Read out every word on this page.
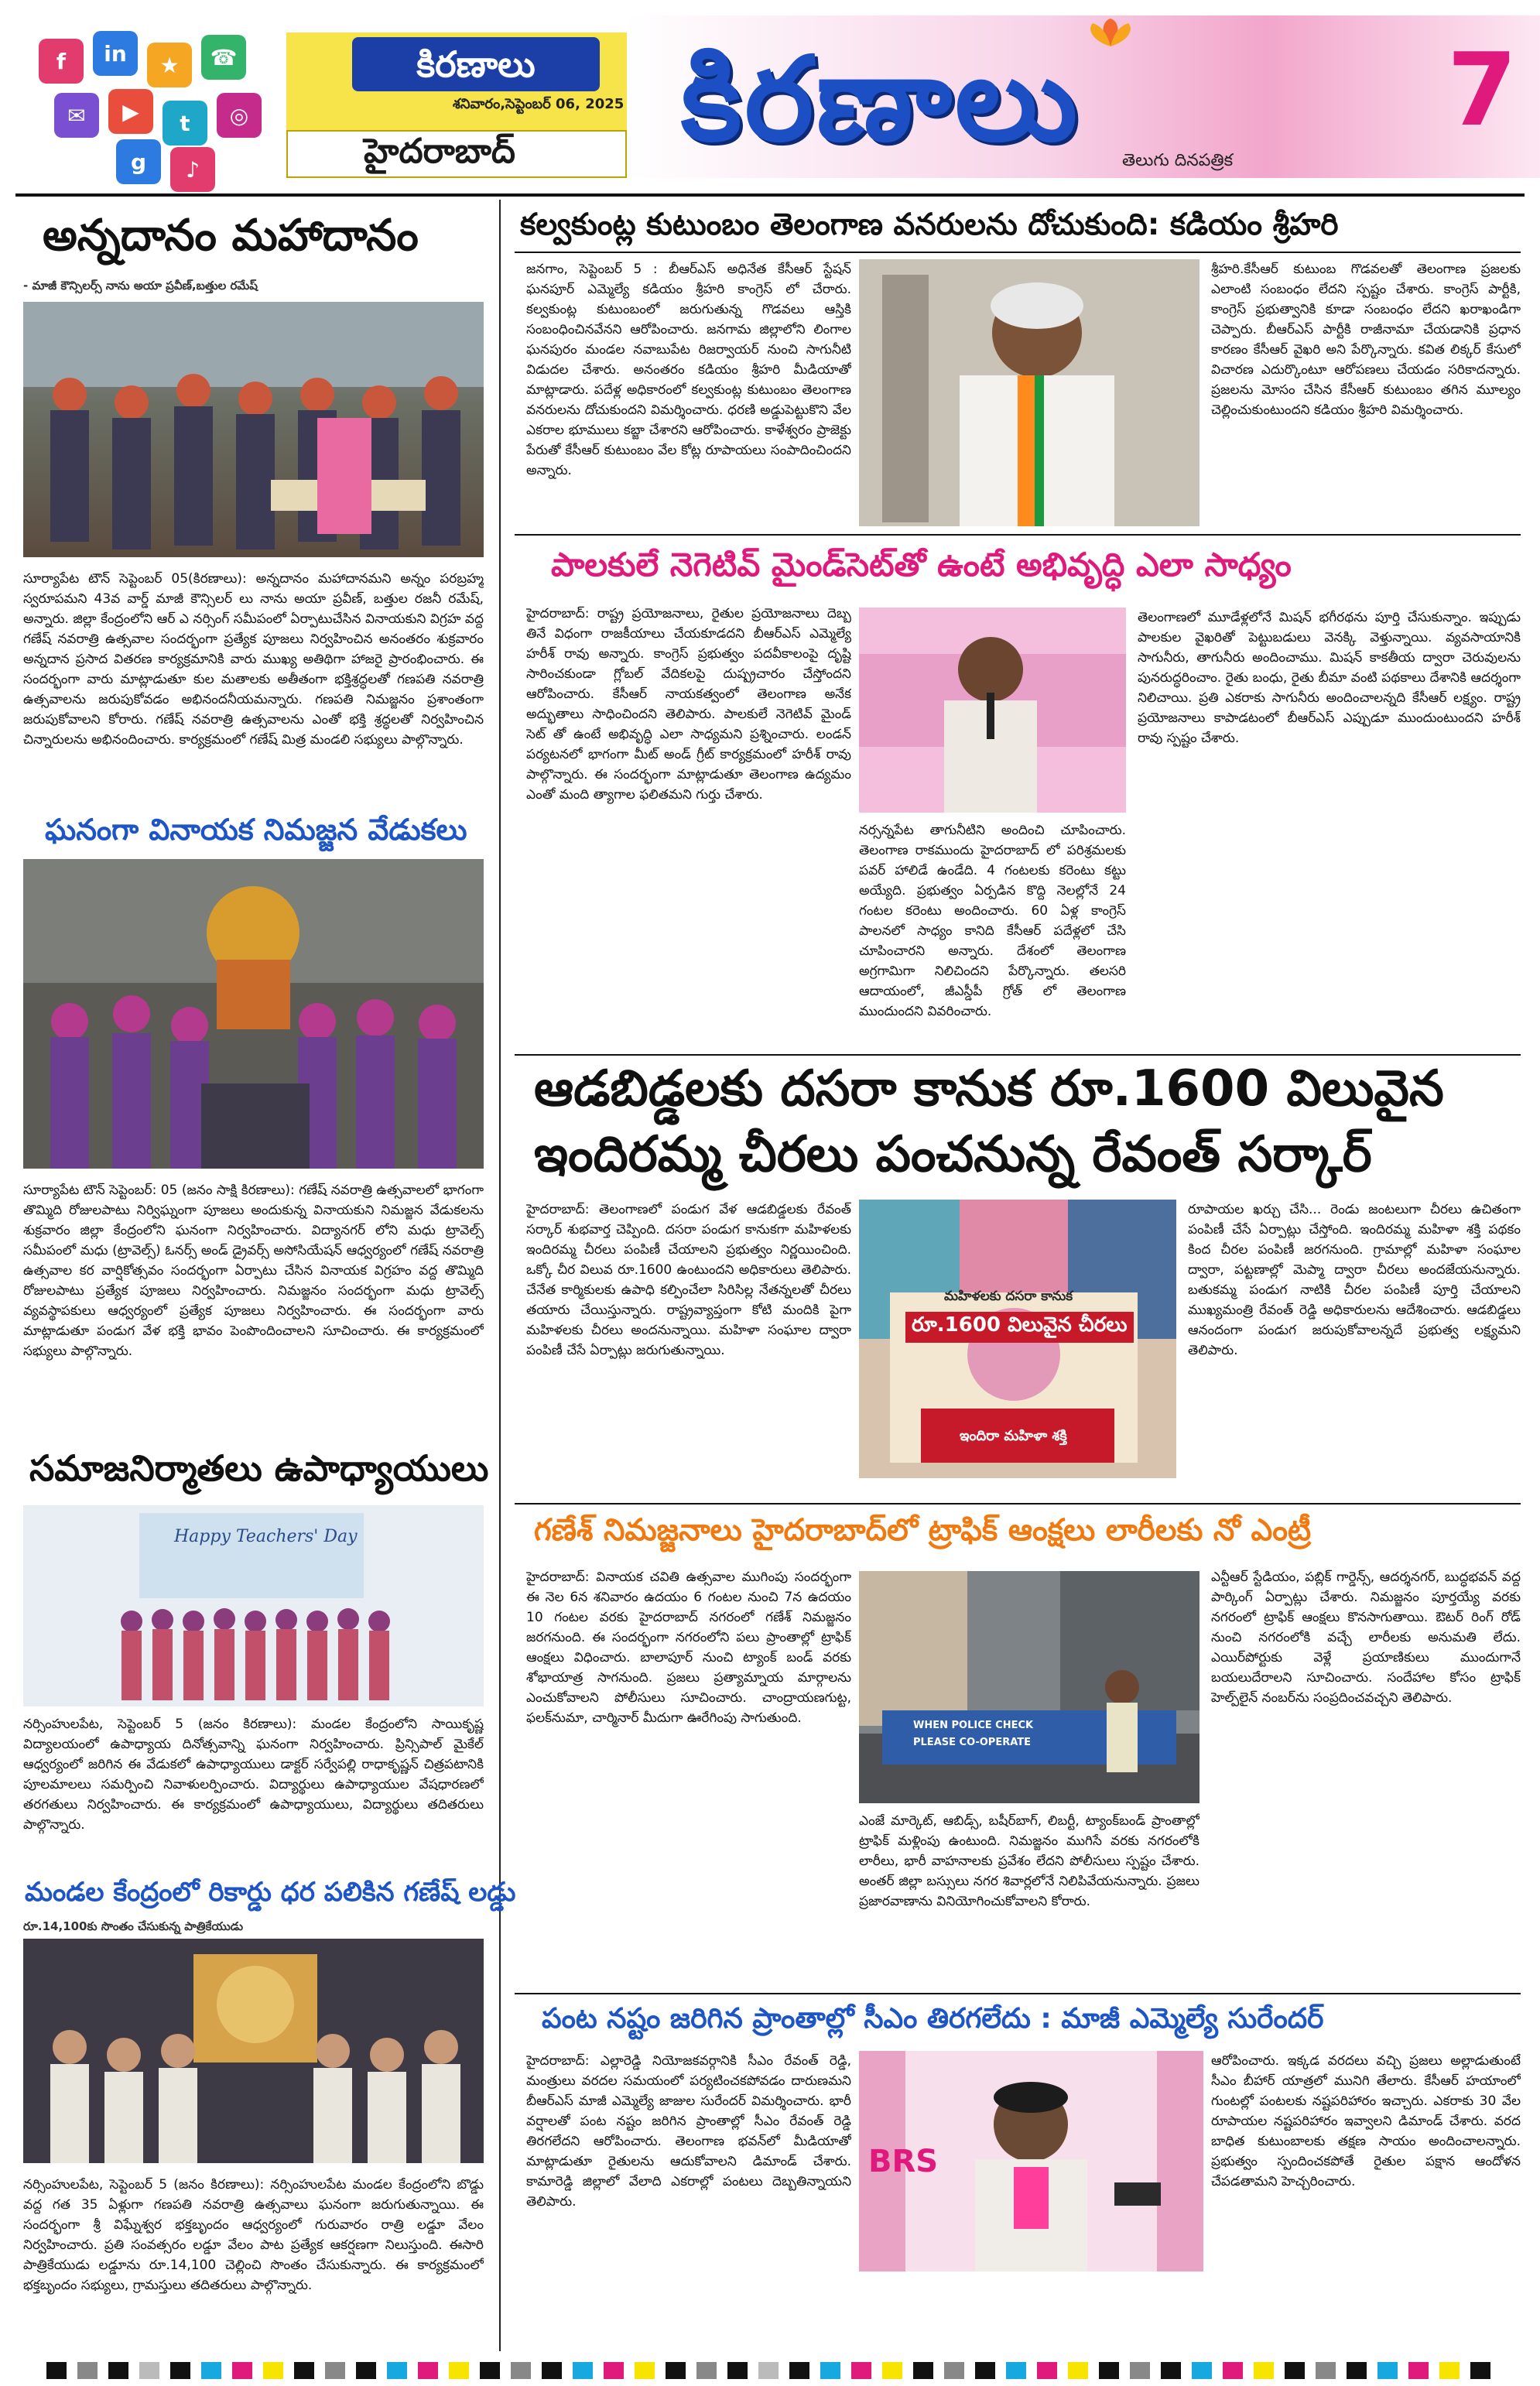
f	in	★	☎
✉	▶	t	◎
g	♪
కిరణాలు
శనివారం,సెప్టెంబర్ 06, 2025
హైదరాబాద్ కిరణాలు తెలుగు దినపత్రిక
7
అన్నదానం మహాదానం
- మాజీ కౌన్సిలర్స్ నాను అయా ప్రవీణ్,బత్తుల రమేష్
సూర్యాపేట టౌన్ సెప్టెంబర్ 05(కిరణాలు): అన్నదానం మహాదానమని అన్నం పరబ్రహ్మ స్వరూపమని 43వ వార్డ్ మాజీ కౌన్సిలర్ లు నాను అయా ప్రవీణ్, బత్తుల రజనీ రమేష్, అన్నారు. జిల్లా కేంద్రంలోని ఆర్ ఎ నర్సింగ్ సమీపంలో ఏర్పాటుచేసిన వినాయకుని విగ్రహ వద్ద గణేష్ నవరాత్రి ఉత్సవాల సందర్భంగా ప్రత్యేక పూజలు నిర్వహించిన అనంతరం శుక్రవారం అన్నదాన ప్రసాద వితరణ కార్యక్రమానికి వారు ముఖ్య అతిథిగా హాజరై ప్రారంభించారు. ఈ సందర్భంగా వారు మాట్లాడుతూ కుల మతాలకు అతీతంగా భక్తిశ్రద్ధలతో గణపతి నవరాత్రి ఉత్సవాలను జరుపుకోవడం అభినందనీయమన్నారు. గణపతి నిమజ్జనం ప్రశాంతంగా జరుపుకోవాలని కోరారు. గణేష్ నవరాత్రి ఉత్సవాలను ఎంతో భక్తి శ్రద్ధలతో నిర్వహించిన చిన్నారులను అభినందించారు. కార్యక్రమంలో గణేష్ మిత్ర మండలి సభ్యులు పాల్గొన్నారు.
ఘనంగా వినాయక నిమజ్జన వేడుకలు
సూర్యాపేట టౌన్ సెప్టెంబర్: 05 (జనం సాక్షి కిరణాలు): గణేష్ నవరాత్రి ఉత్సవాలలో భాగంగా తొమ్మిది రోజులపాటు నిర్విఘ్నంగా పూజలు అందుకున్న వినాయకుని నిమజ్జన వేడుకలను శుక్రవారం జిల్లా కేంద్రంలోని ఘనంగా నిర్వహించారు. విద్యానగర్ లోని మధు ట్రావెల్స్ సమీపంలో మధు (ట్రావెల్స్) ఓనర్స్ అండ్ డ్రైవర్స్ అసోసియేషన్ ఆధ్వర్యంలో గణేష్ నవరాత్రి ఉత్సవాల కర వార్షికోత్సవం సందర్భంగా ఏర్పాటు చేసిన వినాయక విగ్రహం వద్ద తొమ్మిది రోజులపాటు ప్రత్యేక పూజలు నిర్వహించారు. నిమజ్జనం సందర్భంగా మధు ట్రావెల్స్ వ్యవస్థాపకులు ఆధ్వర్యంలో ప్రత్యేక పూజలు నిర్వహించారు. ఈ సందర్భంగా వారు మాట్లాడుతూ పండుగ వేళ భక్తి భావం పెంపొందించాలని సూచించారు. ఈ కార్యక్రమంలో సభ్యులు పాల్గొన్నారు.
సమాజనిర్మాతలు ఉపాధ్యాయులు
Happy Teachers' Day
నర్సింహులపేట, సెప్టెంబర్ 5 (జనం కిరణాలు): మండల కేంద్రంలోని సాయికృష్ణ విద్యాలయంలో ఉపాధ్యాయ దినోత్సవాన్ని ఘనంగా నిర్వహించారు. ప్రిన్సిపాల్ మైకేల్ ఆధ్వర్యంలో జరిగిన ఈ వేడుకలో ఉపాధ్యాయులు డాక్టర్ సర్వేపల్లి రాధాకృష్ణన్ చిత్రపటానికి పూలమాలలు సమర్పించి నివాళులర్పించారు. విద్యార్థులు ఉపాధ్యాయుల వేషధారణలో తరగతులు నిర్వహించారు. ఈ కార్యక్రమంలో ఉపాధ్యాయులు, విద్యార్థులు తదితరులు పాల్గొన్నారు.
మండల కేంద్రంలో రికార్డు ధర పలికిన గణేష్ లడ్డు
రూ.14,100కు సొంతం చేసుకున్న పాత్రికేయుడు
నర్సింహులపేట, సెప్టెంబర్ 5 (జనం కిరణాలు): నర్సింహులపేట మండల కేంద్రంలోని బొడ్డు వద్ద గత 35 ఏళ్లుగా గణపతి నవరాత్రి ఉత్సవాలు ఘనంగా జరుగుతున్నాయి. ఈ సందర్భంగా శ్రీ విఘ్నేశ్వర భక్తబృందం ఆధ్వర్యంలో గురువారం రాత్రి లడ్డూ వేలం నిర్వహించారు. ప్రతి సంవత్సరం లడ్డూ వేలం పాట ప్రత్యేక ఆకర్షణగా నిలుస్తుంది. ఈసారి పాత్రికేయుడు లడ్డూను రూ.14,100 చెల్లించి సొంతం చేసుకున్నారు. ఈ కార్యక్రమంలో భక్తబృందం సభ్యులు, గ్రామస్తులు తదితరులు పాల్గొన్నారు.
కల్వకుంట్ల కుటుంబం తెలంగాణ వనరులను దోచుకుంది: కడియం శ్రీహరి
జనగాం, సెప్టెంబర్ 5 : బీఆర్ఎస్ అధినేత కేసీఆర్ స్టేషన్ ఘనపూర్ ఎమ్మెల్యే కడియం శ్రీహరి కాంగ్రెస్ లో చేరారు. కల్వకుంట్ల కుటుంబంలో జరుగుతున్న గొడవలు ఆస్తికి సంబంధించినవేనని ఆరోపించారు. జనగామ జిల్లాలోని లింగాల ఘనపురం మండల నవాబుపేట రిజర్వాయర్ నుంచి సాగునీటి విడుదల చేశారు. అనంతరం కడియం శ్రీహరి మీడియాతో మాట్లాడారు. పదేళ్ల అధికారంలో కల్వకుంట్ల కుటుంబం తెలంగాణ వనరులను దోచుకుందని విమర్శించారు. ధరణి అడ్డుపెట్టుకొని వేల ఎకరాల భూములు కబ్జా చేశారని ఆరోపించారు. కాళేశ్వరం ప్రాజెక్టు పేరుతో కేసీఆర్ కుటుంబం వేల కోట్ల రూపాయలు సంపాదించిందని అన్నారు.
శ్రీహరి.కేసీఆర్ కుటుంబ గొడవలతో తెలంగాణ ప్రజలకు ఎలాంటి సంబంధం లేదని స్పష్టం చేశారు. కాంగ్రెస్ పార్టీకి, కాంగ్రెస్ ప్రభుత్వానికి కూడా సంబంధం లేదని ఖరాఖండిగా చెప్పారు. బీఆర్ఎస్ పార్టీకి రాజీనామా చేయడానికి ప్రధాన కారణం కేసీఆర్ వైఖరి అని పేర్కొన్నారు. కవిత లిక్కర్ కేసులో విచారణ ఎదుర్కొంటూ ఆరోపణలు చేయడం సరికాదన్నారు. ప్రజలను మోసం చేసిన కేసీఆర్ కుటుంబం తగిన మూల్యం చెల్లించుకుంటుందని కడియం శ్రీహరి విమర్శించారు.
పాలకులే నెగెటివ్ మైండ్‌సెట్‌తో ఉంటే అభివృద్ధి ఎలా సాధ్యం
హైదరాబాద్: రాష్ట్ర ప్రయోజనాలు, రైతుల ప్రయోజనాలు దెబ్బ తినే విధంగా రాజకీయాలు చేయకూడదని బీఆర్ఎస్ ఎమ్మెల్యే హరీశ్ రావు అన్నారు. కాంగ్రెస్ ప్రభుత్వం పదవీకాలంపై దృష్టి సారించకుండా గ్లోబల్ వేదికలపై దుష్ప్రచారం చేస్తోందని ఆరోపించారు. కేసీఆర్ నాయకత్వంలో తెలంగాణ అనేక అద్భుతాలు సాధించిందని తెలిపారు. పాలకులే నెగెటివ్ మైండ్ సెట్ తో ఉంటే అభివృద్ధి ఎలా సాధ్యమని ప్రశ్నించారు. లండన్ పర్యటనలో భాగంగా మీట్ అండ్ గ్రీట్ కార్యక్రమంలో హరీశ్ రావు పాల్గొన్నారు. ఈ సందర్భంగా మాట్లాడుతూ తెలంగాణ ఉద్యమం ఎంతో మంది త్యాగాల ఫలితమని గుర్తు చేశారు.
నర్సన్నపేట తాగునీటిని అందించి చూపించారు. తెలంగాణ రాకముందు హైదరాబాద్ లో పరిశ్రమలకు పవర్ హాలిడే ఉండేది. 4 గంటలకు కరెంటు కట్టు అయ్యేది. ప్రభుత్వం ఏర్పడిన కొద్ది నెలల్లోనే 24 గంటల కరెంటు అందించారు. 60 ఏళ్ల కాంగ్రెస్ పాలనలో సాధ్యం కానిది కేసీఆర్ పదేళ్లలో చేసి చూపించారని అన్నారు. దేశంలో తెలంగాణ అగ్రగామిగా నిలిచిందని పేర్కొన్నారు. తలసరి ఆదాయంలో, జీఎస్డీపీ గ్రోత్ లో తెలంగాణ ముందుందని వివరించారు.
తెలంగాణలో మూడేళ్లలోనే మిషన్ భగీరథను పూర్తి చేసుకున్నాం. ఇప్పుడు పాలకుల వైఖరితో పెట్టుబడులు వెనక్కి వెళ్తున్నాయి. వ్యవసాయానికి సాగునీరు, తాగునీరు అందించాము. మిషన్ కాకతీయ ద్వారా చెరువులను పునరుద్ధరించాం. రైతు బంధు, రైతు బీమా వంటి పథకాలు దేశానికి ఆదర్శంగా నిలిచాయి. ప్రతి ఎకరాకు సాగునీరు అందించాలన్నది కేసీఆర్ లక్ష్యం. రాష్ట్ర ప్రయోజనాలు కాపాడటంలో బీఆర్ఎస్ ఎప్పుడూ ముందుంటుందని హరీశ్ రావు స్పష్టం చేశారు.
ఆడబిడ్డలకు దసరా కానుక రూ.1600 విలువైన
ఇందిరమ్మ చీరలు పంచనున్న రేవంత్ సర్కార్
హైదరాబాద్: తెలంగాణలో పండుగ వేళ ఆడబిడ్డలకు రేవంత్ సర్కార్ శుభవార్త చెప్పింది. దసరా పండుగ కానుకగా మహిళలకు ఇందిరమ్మ చీరలు పంపిణీ చేయాలని ప్రభుత్వం నిర్ణయించింది. ఒక్కో చీర విలువ రూ.1600 ఉంటుందని అధికారులు తెలిపారు. చేనేత కార్మికులకు ఉపాధి కల్పించేలా సిరిసిల్ల నేతన్నలతో చీరలు తయారు చేయిస్తున్నారు. రాష్ట్రవ్యాప్తంగా కోటి మందికి పైగా మహిళలకు చీరలు అందనున్నాయి. మహిళా సంఘాల ద్వారా పంపిణీ చేసే ఏర్పాట్లు జరుగుతున్నాయి.
మహిళలకు దసరా కానుక
రూ.1600 విలువైన చీరలు
ఇందిరా మహిళా శక్తి
రూపాయల ఖర్చు చేసి... రెండు జంటలుగా చీరలు ఉచితంగా పంపిణీ చేసే ఏర్పాట్లు చేస్తోంది. ఇందిరమ్మ మహిళా శక్తి పథకం కింద చీరల పంపిణీ జరగనుంది. గ్రామాల్లో మహిళా సంఘాల ద్వారా, పట్టణాల్లో మెప్మా ద్వారా చీరలు అందజేయనున్నారు. బతుకమ్మ పండుగ నాటికి చీరల పంపిణీ పూర్తి చేయాలని ముఖ్యమంత్రి రేవంత్ రెడ్డి అధికారులను ఆదేశించారు. ఆడబిడ్డలు ఆనందంగా పండుగ జరుపుకోవాలన్నదే ప్రభుత్వ లక్ష్యమని తెలిపారు.
గణేశ్ నిమజ్జనాలు హైదరాబాద్‌లో ట్రాఫిక్ ఆంక్షలు లారీలకు నో ఎంట్రీ
హైదరాబాద్: వినాయక చవితి ఉత్సవాల ముగింపు సందర్భంగా ఈ నెల 6న శనివారం ఉదయం 6 గంటల నుంచి 7న ఉదయం 10 గంటల వరకు హైదరాబాద్ నగరంలో గణేశ్ నిమజ్జనం జరగనుంది. ఈ సందర్భంగా నగరంలోని పలు ప్రాంతాల్లో ట్రాఫిక్ ఆంక్షలు విధించారు. బాలాపూర్ నుంచి ట్యాంక్ బండ్ వరకు శోభాయాత్ర సాగనుంది. ప్రజలు ప్రత్యామ్నాయ మార్గాలను ఎంచుకోవాలని పోలీసులు సూచించారు. చాంద్రాయణగుట్ట, ఫలక్‌నుమా, చార్మినార్ మీదుగా ఊరేగింపు సాగుతుంది.	WHEN POLICE CHECK
PLEASE CO-OPERATE
ఎంజే మార్కెట్, ఆబిడ్స్, బషీర్‌బాగ్, లిబర్టీ, ట్యాంక్‌బండ్ ప్రాంతాల్లో ట్రాఫిక్ మళ్లింపు ఉంటుంది. నిమజ్జనం ముగిసే వరకు నగరంలోకి లారీలు, భారీ వాహనాలకు ప్రవేశం లేదని పోలీసులు స్పష్టం చేశారు. అంతర్ జిల్లా బస్సులు నగర శివార్లలోనే నిలిపివేయనున్నారు. ప్రజలు ప్రజారవాణాను వినియోగించుకోవాలని కోరారు.
ఎన్టీఆర్ స్టేడియం, పబ్లిక్ గార్డెన్స్, ఆదర్శనగర్, బుద్ధభవన్ వద్ద పార్కింగ్ ఏర్పాట్లు చేశారు. నిమజ్జనం పూర్తయ్యే వరకు నగరంలో ట్రాఫిక్ ఆంక్షలు కొనసాగుతాయి. ఔటర్ రింగ్ రోడ్ నుంచి నగరంలోకి వచ్చే లారీలకు అనుమతి లేదు. ఎయిర్‌పోర్టుకు వెళ్లే ప్రయాణికులు ముందుగానే బయలుదేరాలని సూచించారు. సందేహాల కోసం ట్రాఫిక్ హెల్ప్‌లైన్ నంబర్‌ను సంప్రదించవచ్చని తెలిపారు.
పంట నష్టం జరిగిన ప్రాంతాల్లో సీఎం తిరగలేదు : మాజీ ఎమ్మెల్యే సురేందర్
హైదరాబాద్: ఎల్లారెడ్డి నియోజకవర్గానికి సీఎం రేవంత్ రెడ్డి, మంత్రులు వరదల సమయంలో పర్యటించకపోవడం దారుణమని బీఆర్ఎస్ మాజీ ఎమ్మెల్యే జాజుల సురేందర్ విమర్శించారు. భారీ వర్షాలతో పంట నష్టం జరిగిన ప్రాంతాల్లో సీఎం రేవంత్ రెడ్డి తిరగలేదని ఆరోపించారు. తెలంగాణ భవన్‌లో మీడియాతో మాట్లాడుతూ రైతులను ఆదుకోవాలని డిమాండ్ చేశారు. కామారెడ్డి జిల్లాలో వేలాది ఎకరాల్లో పంటలు దెబ్బతిన్నాయని తెలిపారు.
BRS
ఆరోపించారు. ఇక్కడ వరదలు వచ్చి ప్రజలు అల్లాడుతుంటే సీఎం బీహార్ యాత్రలో మునిగి తేలారు. కేసీఆర్ హయాంలో గుంటల్లో పంటలకు నష్టపరిహారం ఇచ్చారు. ఎకరాకు 30 వేల రూపాయల నష్టపరిహారం ఇవ్వాలని డిమాండ్ చేశారు. వరద బాధిత కుటుంబాలకు తక్షణ సాయం అందించాలన్నారు. ప్రభుత్వం స్పందించకపోతే రైతుల పక్షాన ఆందోళన చేపడతామని హెచ్చరించారు.
